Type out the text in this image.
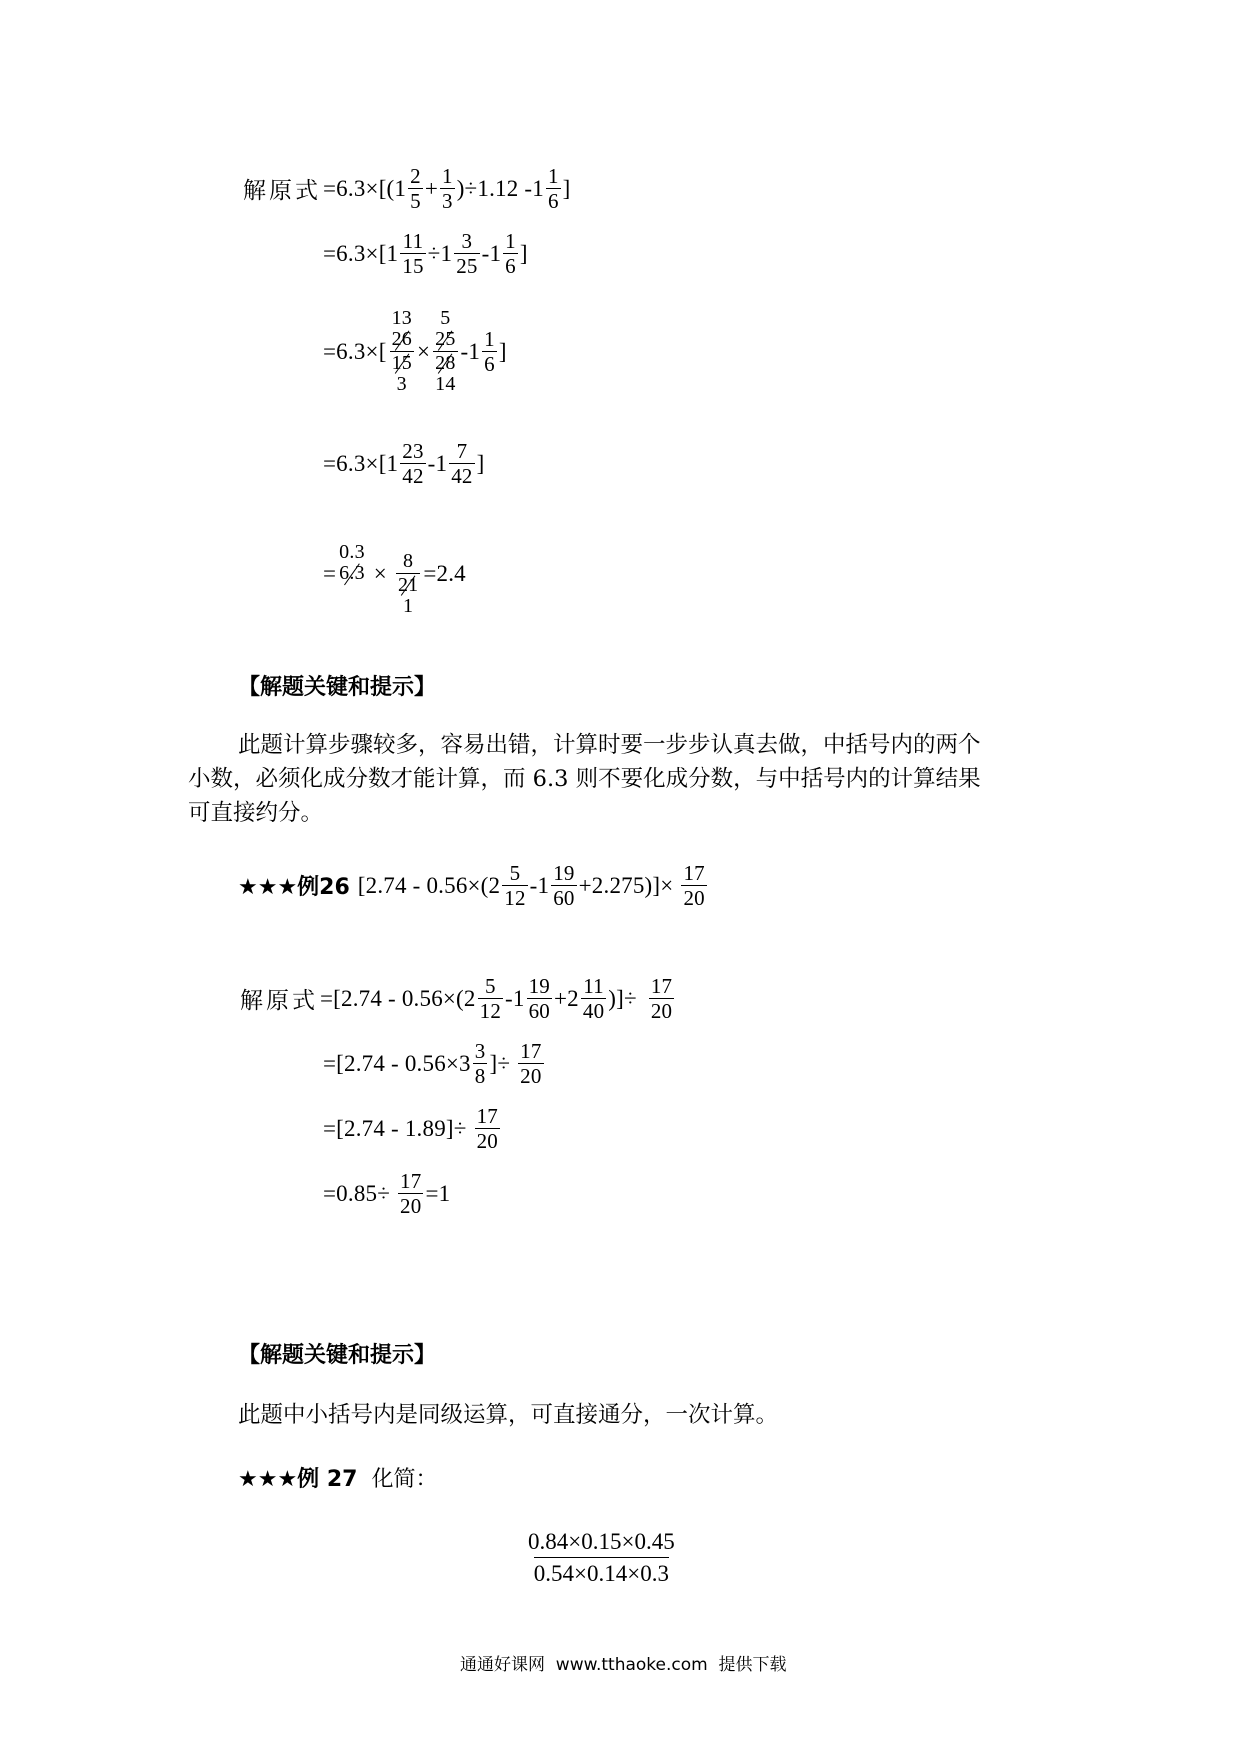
解原式 $=6.3\times[(1 \frac{2}{5} + \frac{1}{3} )\div 1.12$ $-1 \frac{1}{6}$ ]
$=6.3\times[1 \frac{11}{15} \div 1 \frac{3}{25} -1 \frac{1}{6}$ ]
=6.3×[
13
$\frac{26}{15}$
3
×
5
$\frac{25}{28}$
14
$-1 \frac{1}{6}$ ]
$=6.3\times[1 \frac{23}{42} -1 \frac{7}{42}$ ]
=
0.3
6.3
×
$\frac{8}{21}$
1
=2.4
【解题关键和提示】
此题计算步骤较多，容易出错，计算时要一步步认真去做，中括号内的两个
小数，必须化成分数才能计算，而 6.3 则不要化成分数，与中括号内的计算结果
可直接约分。
★★★例26 $[2.74 - 0.56\times(2 \frac{5}{12} -1 \frac{19}{60} +2.275)]\times \frac{17}{20}$
解原式 $=[2.74 - 0.56\times(2 \frac{5}{12} -1 \frac{19}{60} +2 \frac{11}{40}$ )]÷ $\frac{17}{20}$
$=[2.74 - 0.56\times 3 \frac{3}{8}$ ]÷ $\frac{17}{20}$
$=[2.74 - 1.89]\div \frac{17}{20}$
$=0.85\div \frac{17}{20} =1$
【解题关键和提示】
此题中小括号内是同级运算，可直接通分，一次计算。
★★★例 27 化简：
$\frac{0.84\times 0.15\times 0.45}{0.54\times 0.14\times 0.3}$
通通好课网  www.tthaoke.com  提供下载
